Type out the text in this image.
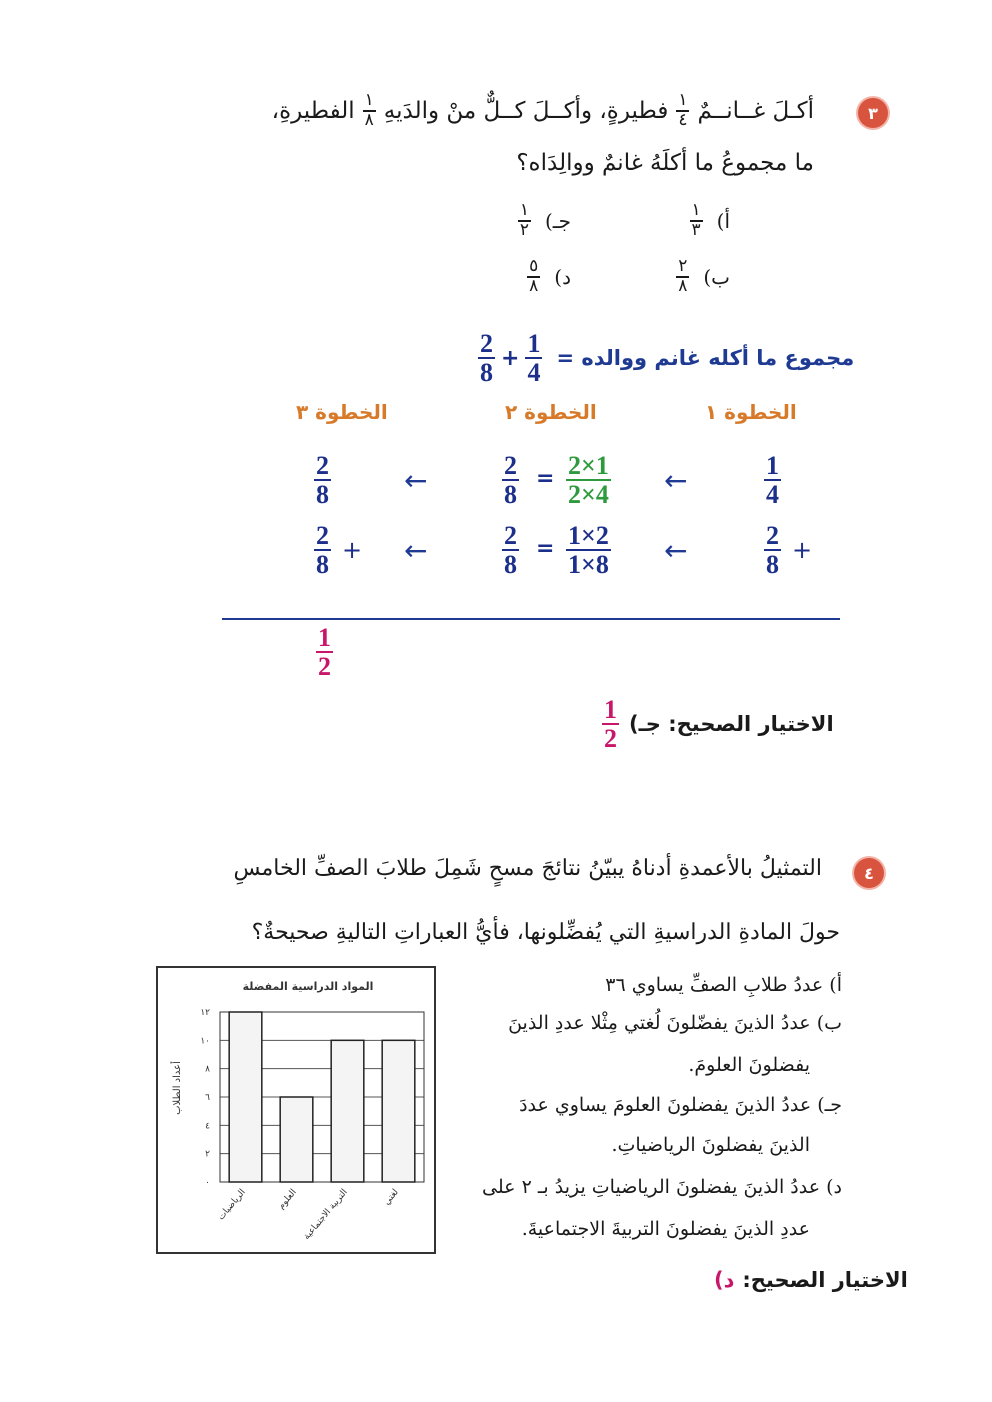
٣
أكـلَ غــانــمٌ
$\frac{١}{٤}$
فطيرةٍ، وأكــلَ كــلٌّ منْ والدَيهِ
$\frac{١}{٨}$
الفطيرةِ،
ما مجموعُ ما أكلَهُ غانمٌ ووالِدَاه؟
أ)
$\frac{١}{٣}$
ب)
$\frac{٢}{٨}$
جـ)
$\frac{١}{٢}$
د)
$\frac{٥}{٨}$
$\frac{2}{8} + \frac{1}{4}$ مجموع ما أكله غانم ووالده =
الخطوة ١
الخطوة ٢
الخطوة ٣
$\frac{1}{4}$
←
$\frac{2\times 1}{2\times 4}$
=
$\frac{2}{8}$
←
$\frac{2}{8}$
+
$\frac{2}{8}$
←
$\frac{1\times 2}{1\times 8}$
=
$\frac{2}{8}$
←
+
$\frac{2}{8}$
$\frac{1}{2}$
$\frac{1}{2}$ الاختيار الصحيح: جـ)
٤
التمثيلُ بالأعمدةِ أدناهُ يبيّنُ نتائجَ مسحٍ شَمِلَ طلابَ الصفِّ الخامسِ
حولَ المادةِ الدراسيةِ التي يُفضِّلونها، فأيُّ العباراتِ التاليةِ صحيحةٌ؟
أ) عددُ طلابِ الصفِّ يساوي ٣٦
ب) عددُ الذينَ يفضّلونَ لُغتي مِثْلا عددِ الذينَ
يفضلونَ العلومَ.
جـ) عددُ الذينَ يفضلونَ العلومَ يساوي عددَ
الذينَ يفضلونَ الرياضياتِ.
د) عددُ الذينَ يفضلونَ الرياضياتِ يزيدُ بـ ٢ على
عددِ الذينَ يفضلونَ التربيةَ الاجتماعيةَ.
المواد الدراسية المفضلة
أعداد الطلاب
٠
٢
٤
٦
٨
١٠
١٢
الرياضيات	العلوم التربية الاجتماعية	لغتي
الاختيار الصحيح:
د)
